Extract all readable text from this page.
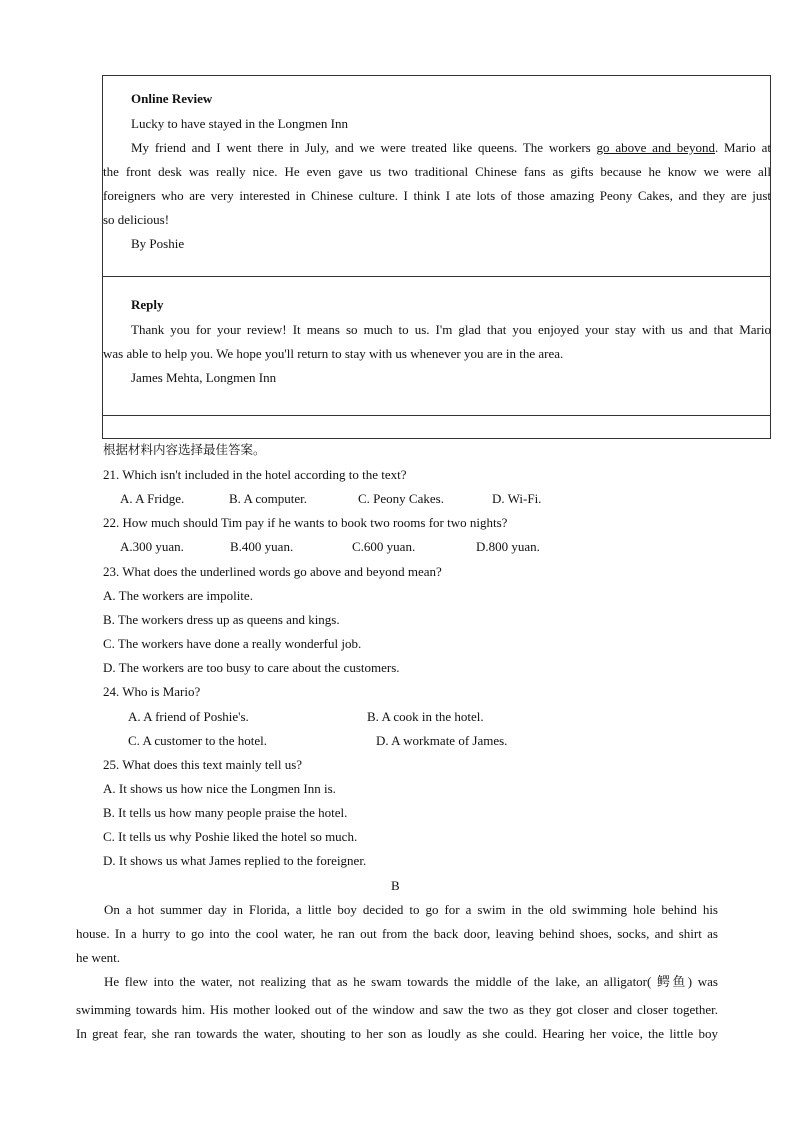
Online Review
Lucky to have stayed in the Longmen Inn
My friend and I went there in July, and we were treated like queens. The workers go above and beyond. Mario at
the front desk was really nice. He even gave us two traditional Chinese fans as gifts because he know we were all
foreigners who are very interested in Chinese culture. I think I ate lots of those amazing Peony Cakes, and they are just
so delicious!
By Poshie
Reply
Thank you for your review! It means so much to us. I'm glad that you enjoyed your stay with us and that Mario
was able to help you. We hope you'll return to stay with us whenever you are in the area.
James Mehta, Longmen Inn
根据材料内容选择最佳答案。
21. Which isn't included in the hotel according to the text?
A. A Fridge.	B. A computer.	C. Peony Cakes.	D. Wi-Fi.
22. How much should Tim pay if he wants to book two rooms for two nights?
A.300 yuan.	B.400 yuan.	C.600 yuan.	D.800 yuan.
23. What does the underlined words go above and beyond mean?
A. The workers are impolite.
B. The workers dress up as queens and kings.
C. The workers have done a really wonderful job.
D. The workers are too busy to care about the customers.
24. Who is Mario?
A. A friend of Poshie's.	B. A cook in the hotel.
C. A customer to the hotel.	D. A workmate of James.
25. What does this text mainly tell us?
A. It shows us how nice the Longmen Inn is.
B. It tells us how many people praise the hotel.
C. It tells us why Poshie liked the hotel so much.
D. It shows us what James replied to the foreigner.
B
On a hot summer day in Florida, a little boy decided to go for a swim in the old swimming hole behind his
house. In a hurry to go into the cool water, he ran out from the back door, leaving behind shoes, socks, and shirt as
he went.
He flew into the water, not realizing that as he swam towards the middle of the lake, an alligator( 鳄鱼) was
swimming towards him. His mother looked out of the window and saw the two as they got closer and closer together.
In great fear, she ran towards the water, shouting to her son as loudly as she could. Hearing her voice, the little boy
